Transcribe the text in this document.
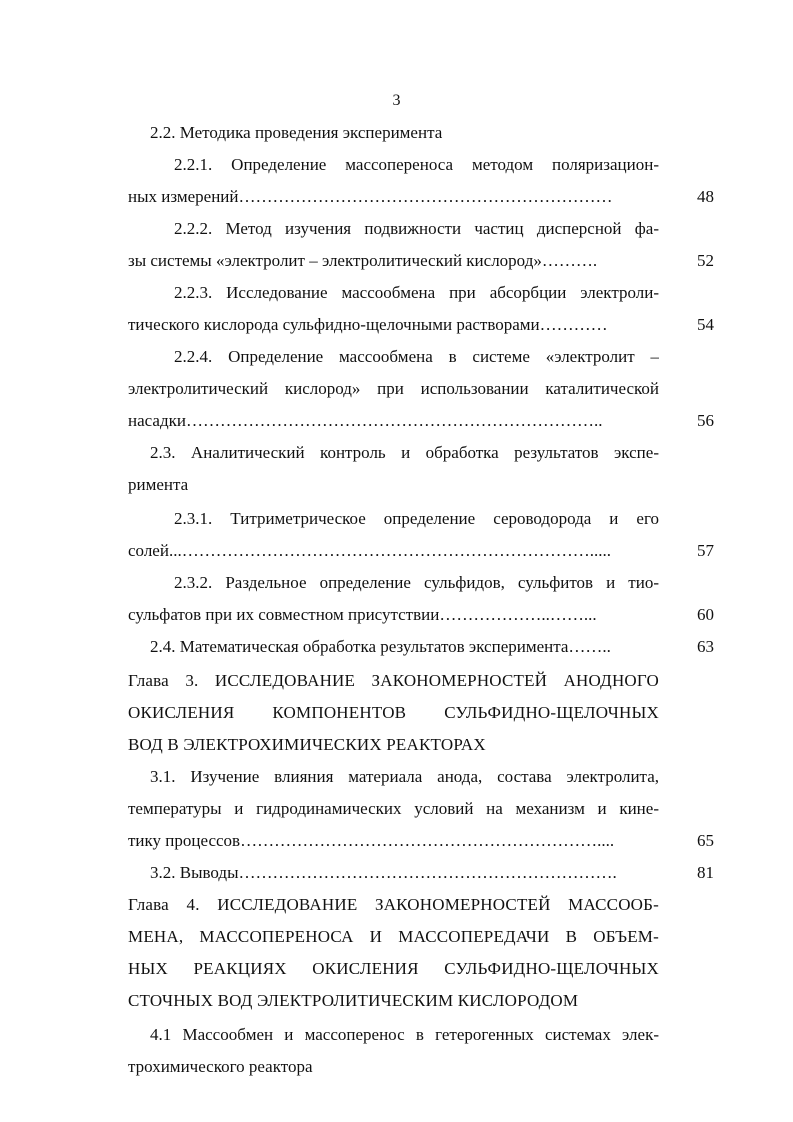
3
2.2. Методика проведения эксперимента
2.2.1. Определение массопереноса методом поляризацион-
ных измерений…………………………………………………………	48
2.2.2. Метод изучения подвижности частиц дисперсной фа-
зы системы «электролит – электролитический кислород»……….	52
2.2.3. Исследование массообмена при абсорбции электроли-
тического кислорода сульфидно-щелочными растворами…………	54
2.2.4. Определение массообмена в системе «электролит –
электролитический кислород» при использовании каталитической
насадки………………………………………………………………..	56
2.3. Аналитический контроль и обработка результатов экспе-
римента
2.3.1. Титриметрическое определение сероводорода и его
солей...……………………………………………………………….....	57
2.3.2. Раздельное определение сульфидов, сульфитов и тио-
сульфатов при их совместном присутствии………………..……...	60
2.4. Математическая обработка результатов эксперимента……..	63
Глава 3. ИССЛЕДОВАНИЕ ЗАКОНОМЕРНОСТЕЙ АНОДНОГО
ОКИСЛЕНИЯ КОМПОНЕНТОВ СУЛЬФИДНО-ЩЕЛОЧНЫХ
ВОД В ЭЛЕКТРОХИМИЧЕСКИХ РЕАКТОРАХ
3.1. Изучение влияния материала анода, состава электролита,
температуры и гидродинамических условий на механизм и кине-
тику процессов………………………………………………………....	65
3.2. Выводы………………………………………………………….	81
Глава 4. ИССЛЕДОВАНИЕ ЗАКОНОМЕРНОСТЕЙ МАССООБ-
МЕНА, МАССОПЕРЕНОСА И МАССОПЕРЕДАЧИ В ОБЪЕМ-
НЫХ РЕАКЦИЯХ ОКИСЛЕНИЯ СУЛЬФИДНО-ЩЕЛОЧНЫХ
СТОЧНЫХ ВОД ЭЛЕКТРОЛИТИЧЕСКИМ КИСЛОРОДОМ
4.1 Массообмен и массоперенос в гетерогенных системах элек-
трохимического реактора
